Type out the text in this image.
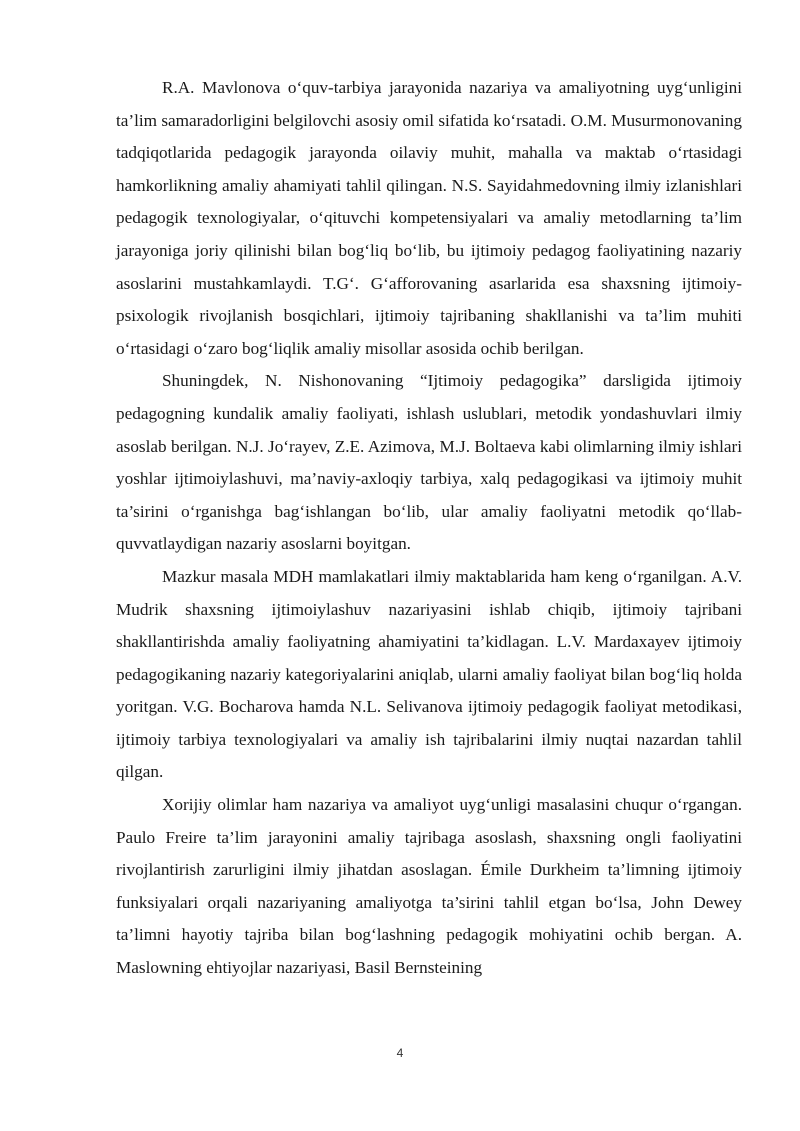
R.A. Mavlonova o‘quv-tarbiya jarayonida nazariya va amaliyotning uyg‘unligini ta’lim samaradorligini belgilovchi asosiy omil sifatida ko‘rsatadi. O.M. Musurmonovaning tadqiqotlarida pedagogik jarayonda oilaviy muhit, mahalla va maktab o‘rtasidagi hamkorlikning amaliy ahamiyati tahlil qilingan. N.S. Sayidahmedovning ilmiy izlanishlari pedagogik texnologiyalar, o‘qituvchi kompetensiyalari va amaliy metodlarning ta’lim jarayoniga joriy qilinishi bilan bog‘liq bo‘lib, bu ijtimoiy pedagog faoliyatining nazariy asoslarini mustahkamlaydi. T.G‘. G‘afforovaning asarlarida esa shaxsning ijtimoiy-psixologik rivojlanish bosqichlari, ijtimoiy tajribaning shakllanishi va ta’lim muhiti o‘rtasidagi o‘zaro bog‘liqlik amaliy misollar asosida ochib berilgan.

Shuningdek, N. Nishonovaning “Ijtimoiy pedagogika” darsligida ijtimoiy pedagogning kundalik amaliy faoliyati, ishlash uslublari, metodik yondashuvlari ilmiy asoslab berilgan. N.J. Jo‘rayev, Z.E. Azimova, M.J. Boltaeva kabi olimlarning ilmiy ishlari yoshlar ijtimoiylashuvi, ma’naviy-axloqiy tarbiya, xalq pedagogikasi va ijtimoiy muhit ta’sirini o‘rganishga bag‘ishlangan bo‘lib, ular amaliy faoliyatni metodik qo‘llab-quvvatlaydigan nazariy asoslarni boyitgan.

Mazkur masala MDH mamlakatlari ilmiy maktablarida ham keng o‘rganilgan. A.V. Mudrik shaxsning ijtimoiylashuv nazariyasini ishlab chiqib, ijtimoiy tajribani shakllantirishda amaliy faoliyatning ahamiyatini ta’kidlagan. L.V. Mardaxayev ijtimoiy pedagogikaning nazariy kategoriyalarini aniqlab, ularni amaliy faoliyat bilan bog‘liq holda yoritgan. V.G. Bocharova hamda N.L. Selivanova ijtimoiy pedagogik faoliyat metodikasi, ijtimoiy tarbiya texnologiyalari va amaliy ish tajribalarini ilmiy nuqtai nazardan tahlil qilgan.

Xorijiy olimlar ham nazariya va amaliyot uyg‘unligi masalasini chuqur o‘rgangan. Paulo Freire ta’lim jarayonini amaliy tajribaga asoslash, shaxsning ongli faoliyatini rivojlantirish zarurligini ilmiy jihatdan asoslagan. Émile Durkheim ta’limning ijtimoiy funksiyalari orqali nazariyaning amaliyotga ta’sirini tahlil etgan bo‘lsa, John Dewey ta’limni hayotiy tajriba bilan bog‘lashning pedagogik mohiyatini ochib bergan. A. Maslowning ehtiyojlar nazariyasi, Basil Bernsteining

4
